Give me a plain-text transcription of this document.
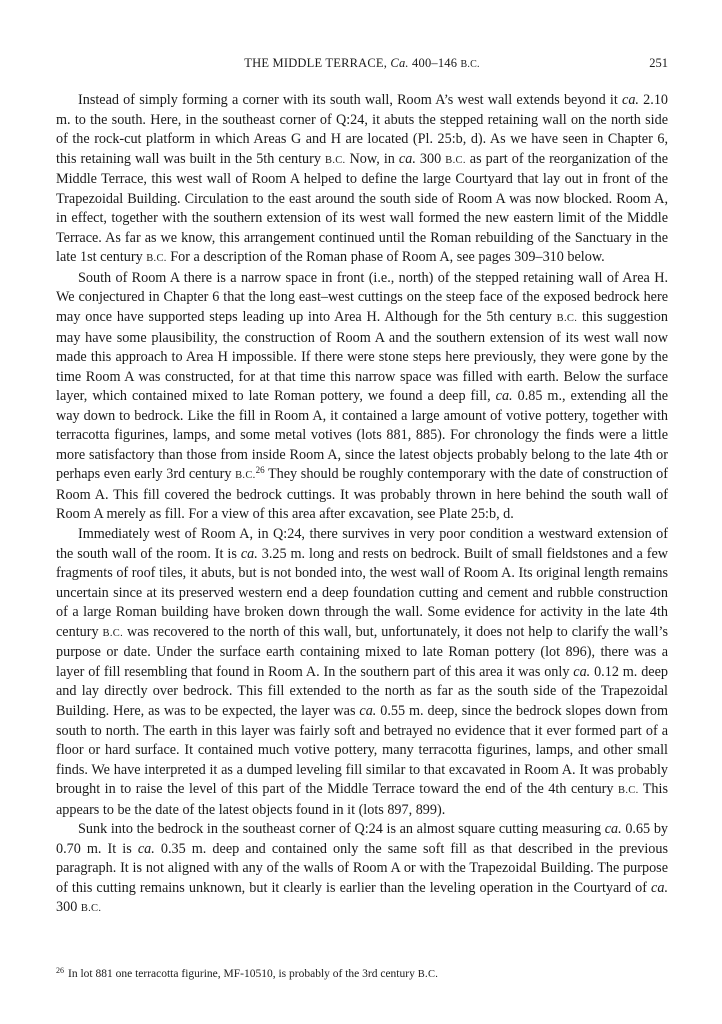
THE MIDDLE TERRACE, Ca. 400–146 B.C.	251

Instead of simply forming a corner with its south wall, Room A’s west wall extends beyond it ca. 2.10 m. to the south. Here, in the southeast corner of Q:24, it abuts the stepped retaining wall on the north side of the rock-cut platform in which Areas G and H are located (Pl. 25:b, d). As we have seen in Chapter 6, this retaining wall was built in the 5th century B.C. Now, in ca. 300 B.C. as part of the reorganization of the Middle Terrace, this west wall of Room A helped to define the large Courtyard that lay out in front of the Trapezoidal Building. Circulation to the east around the south side of Room A was now blocked. Room A, in effect, together with the southern extension of its west wall formed the new eastern limit of the Middle Terrace. As far as we know, this arrangement continued until the Roman rebuilding of the Sanctuary in the late 1st century B.C. For a description of the Roman phase of Room A, see pages 309–310 below.

South of Room A there is a narrow space in front (i.e., north) of the stepped retaining wall of Area H. We conjectured in Chapter 6 that the long east–west cuttings on the steep face of the exposed bedrock here may once have supported steps leading up into Area H. Although for the 5th century B.C. this suggestion may have some plausibility, the construction of Room A and the southern extension of its west wall now made this approach to Area H impossible. If there were stone steps here previously, they were gone by the time Room A was constructed, for at that time this narrow space was filled with earth. Below the surface layer, which contained mixed to late Roman pottery, we found a deep fill, ca. 0.85 m., extending all the way down to bedrock. Like the fill in Room A, it contained a large amount of votive pottery, together with terracotta figurines, lamps, and some metal votives (lots 881, 885). For chronology the finds were a little more satisfactory than those from inside Room A, since the latest objects probably belong to the late 4th or perhaps even early 3rd century B.C.$^{26}$ They should be roughly contemporary with the date of construction of Room A. This fill covered the bedrock cuttings. It was probably thrown in here behind the south wall of Room A merely as fill. For a view of this area after excavation, see Plate 25:b, d.

Immediately west of Room A, in Q:24, there survives in very poor condition a westward extension of the south wall of the room. It is ca. 3.25 m. long and rests on bedrock. Built of small fieldstones and a few fragments of roof tiles, it abuts, but is not bonded into, the west wall of Room A. Its original length remains uncertain since at its preserved western end a deep foundation cutting and cement and rubble construction of a large Roman building have broken down through the wall. Some evidence for activity in the late 4th century B.C. was recovered to the north of this wall, but, unfortunately, it does not help to clarify the wall’s purpose or date. Under the surface earth containing mixed to late Roman pottery (lot 896), there was a layer of fill resembling that found in Room A. In the southern part of this area it was only ca. 0.12 m. deep and lay directly over bedrock. This fill extended to the north as far as the south side of the Trapezoidal Building. Here, as was to be expected, the layer was ca. 0.55 m. deep, since the bedrock slopes down from south to north. The earth in this layer was fairly soft and betrayed no evidence that it ever formed part of a floor or hard surface. It contained much votive pottery, many terracotta figurines, lamps, and other small finds. We have interpreted it as a dumped leveling fill similar to that excavated in Room A. It was probably brought in to raise the level of this part of the Middle Terrace toward the end of the 4th century B.C. This appears to be the date of the latest objects found in it (lots 897, 899).

Sunk into the bedrock in the southeast corner of Q:24 is an almost square cutting measuring ca. 0.65 by 0.70 m. It is ca. 0.35 m. deep and contained only the same soft fill as that described in the previous paragraph. It is not aligned with any of the walls of Room A or with the Trapezoidal Building. The purpose of this cutting remains unknown, but it clearly is earlier than the leveling operation in the Courtyard of ca. 300 B.C.

$^{26}$ In lot 881 one terracotta figurine, MF-10510, is probably of the 3rd century B.C.
